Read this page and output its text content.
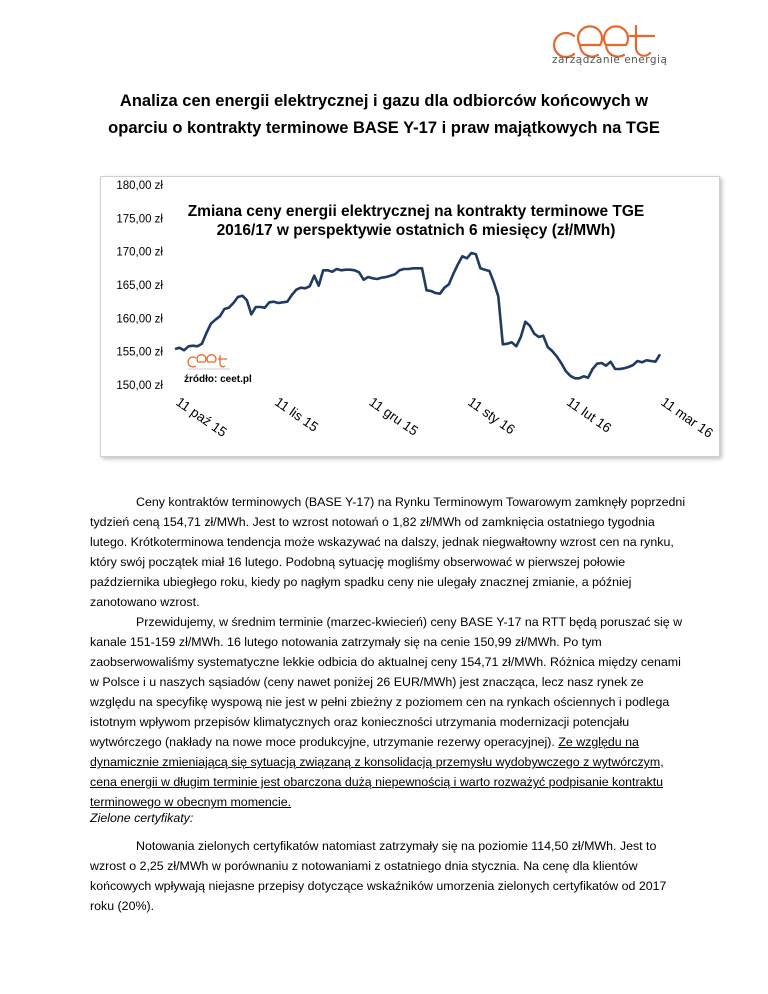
zarządzanie energią
Analiza cen energii elektrycznej i gazu dla odbiorców końcowych w
oparciu o kontrakty terminowe BASE Y-17 i praw majątkowych na TGE
150,00 zł
155,00 zł
160,00 zł
165,00 zł
170,00 zł
175,00 zł
180,00 zł
Zmiana ceny energii elektrycznej na kontrakty terminowe TGE
2016/17 w perspektywie ostatnich 6 miesięcy (zł/MWh)
11 paź 15	11 lis 15	11 gru 15	11 sty 16	11 lut 16	11 mar 16
źródło: ceet.pl

Ceny kontraktów terminowych (BASE Y-17) na Rynku Terminowym Towarowym zamknęły poprzedni tydzień ceną 154,71 zł/MWh. Jest to wzrost notowań o 1,82 zł/MWh od zamknięcia ostatniego tygodnia lutego. Krótkoterminowa tendencja może wskazywać na dalszy, jednak niegwałtowny wzrost cen na rynku, który swój początek miał 16 lutego. Podobną sytuację mogliśmy obserwować w pierwszej połowie października ubiegłego roku, kiedy po nagłym spadku ceny nie ulegały znacznej zmianie, a później zanotowano wzrost.

Przewidujemy, w średnim terminie (marzec-kwiecień) ceny BASE Y-17 na RTT będą poruszać się w kanale 151-159 zł/MWh. 16 lutego notowania zatrzymały się na cenie 150,99 zł/MWh. Po tym zaobserwowaliśmy systematyczne lekkie odbicia do aktualnej ceny 154,71 zł/MWh. Różnica między cenami w Polsce i u naszych sąsiadów (ceny nawet poniżej 26 EUR/MWh) jest znacząca, lecz nasz rynek ze względu na specyfikę wyspową nie jest w pełni zbieżny z poziomem cen na rynkach ościennych i podlega istotnym wpływom przepisów klimatycznych oraz konieczności utrzymania modernizacji potencjału wytwórczego (nakłady na nowe moce produkcyjne, utrzymanie rezerwy operacyjnej). Ze względu na dynamicznie zmieniającą się sytuacją związaną z konsolidacją przemysłu wydobywczego z wytwórczym, cena energii w długim terminie jest obarczona dużą niepewnością i warto rozważyć podpisanie kontraktu terminowego w obecnym momencie.

Zielone certyfikaty:

Notowania zielonych certyfikatów natomiast zatrzymały się na poziomie 114,50 zł/MWh. Jest to wzrost o 2,25 zł/MWh w porównaniu z notowaniami z ostatniego dnia stycznia. Na cenę dla klientów końcowych wpływają niejasne przepisy dotyczące wskaźników umorzenia zielonych certyfikatów od 2017 roku (20%).
